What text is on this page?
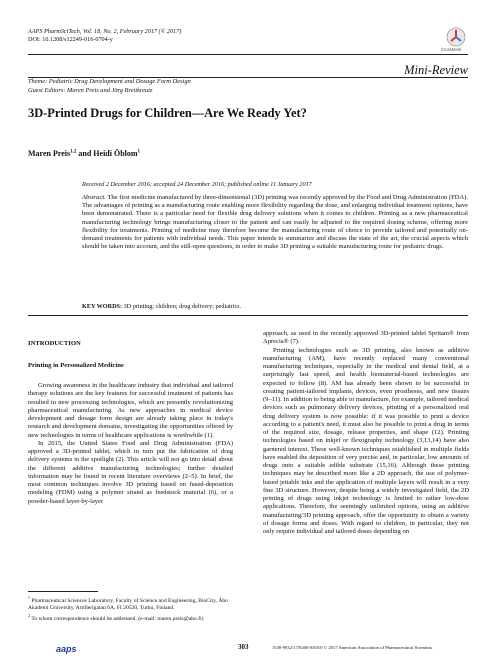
AAPS PharmSciTech, Vol. 18, No. 2, February 2017 (© 2017)
DOI: 10.1208/s12249-016-0704-y
CrossMark
Mini-Review
Theme: Pediatric Drug Development and Dosage Form Design
Guest Editors: Maren Preis and Jörg Breitkreutz
3D-Printed Drugs for Children—Are We Ready Yet?
Maren Preis$^{1,2}$ and Heidi Öblom$^1$
Received 2 December 2016; accepted 24 December 2016; published online 11 January 2017
Abstract. The first medicine manufactured by three-dimensional (3D) printing was recently approved by the Food and Drug Administration (FDA). The advantages of printing as a manufacturing route enabling more flexibility regarding the dose, and enlarging individual treatment options, have been demonstrated. There is a particular need for flexible drug delivery solutions when it comes to children. Printing as a new pharmaceutical manufacturing technology brings manufacturing closer to the patient and can easily be adjusted to the required dosing scheme, offering more flexibility for treatments. Printing of medicine may therefore become the manufacturing route of choice to provide tailored and potentially on-demand treatments for patients with individual needs. This paper intends to summarize and discuss the state of the art, the crucial aspects which should be taken into account, and the still-open questions, in order to make 3D printing a suitable manufacturing route for pediatric drugs.
KEY WORDS: 3D printing; children; drug delivery; pediatrics.
INTRODUCTION
Printing in Personalized Medicine

Growing awareness in the healthcare industry that individual and tailored therapy solutions are the key features for successful treatment of patients has resulted in new processing technologies, which are presently revolutionizing pharmaceutical manufacturing. As new approaches in medical device development and dosage form design are already taking place in today's research and development domains, investigating the opportunities offered by new technologies in terms of healthcare applications is worthwhile (1).

In 2015, the United States Food and Drug Administration (FDA) approved a 3D-printed tablet, which in turn put the fabrication of drug delivery systems in the spotlight (2). This article will not go into detail about the different additive manufacturing technologies; further detailed information may be found in recent literature overviews (2–5). In brief, the most common techniques involve 3D printing based on fused-deposition modeling (FDM) using a polymer strand as feedstock material (6), or a powder-based layer-by-layer

approach, as used in the recently approved 3D-printed tablet Spritam® from Aprecia® (7).

Printing technologies such as 3D printing, also known as additive manufacturing (AM), have recently replaced many conventional manufacturing techniques, especially in the medical and dental field, at a surprisingly fast speed, and health biomaterial-based technologies are expected to follow (8). AM has already been shown to be successful in creating patient-tailored implants, devices, even prostheses, and new tissues (9–11). In addition to being able to manufacture, for example, tailored medical devices such as pulmonary delivery devices, printing of a personalized oral drug delivery system is now possible: if it was possible to print a device according to a patient's need, it must also be possible to print a drug in terms of the required size, dosage, release properties, and shape (12). Printing technologies based on inkjet or flexography technology (3,13,14) have also garnered interest. These well-known techniques established in multiple fields have enabled the deposition of very precise and, in particular, low amounts of drugs onto a suitable edible substrate (15,16). Although these printing techniques may be described more like a 2D approach, the use of polymer-based jettable inks and the application of multiple layers will result in a very fine 3D structure. However, despite being a widely investigated field, the 2D printing of drugs using inkjet technology is limited to rather low-dose applications. Therefore, the seemingly unlimited options, using an additive manufacturing/3D printing approach, offer the opportunity to obtain a variety of dosage forms and doses. With regard to children, in particular, they not only require individual and tailored doses depending on

$^1$ Pharmaceutical Sciences Laboratory, Faculty of Science and Engineering, BioCity, Åbo Akademi University, Artillerigatan 6A, FI 20520, Turku, Finland.

$^2$ To whom correspondence should be addressed. (e-mail: maren.preis@abo.fi)

aaps	303	1530-9932/17/0200-0303/0 © 2017 American Association of Pharmaceutical Scientists
